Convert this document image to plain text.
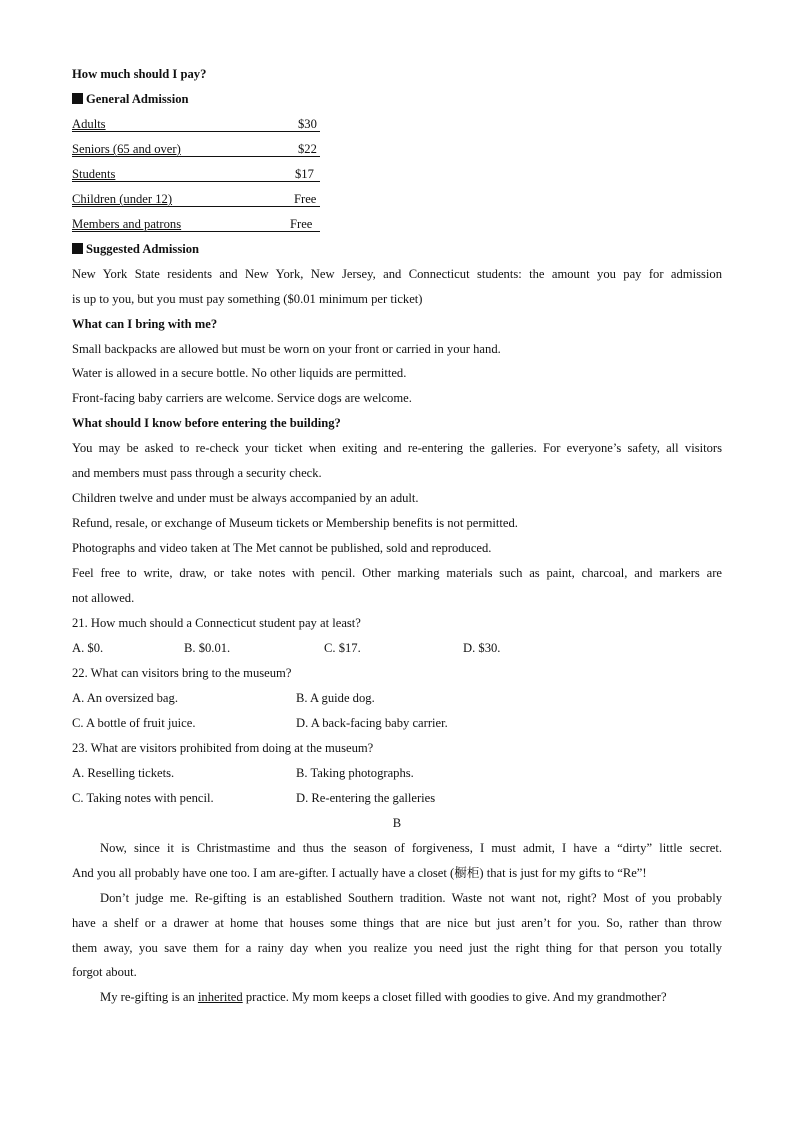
How much should I pay?
General Admission
Adults	$30
Seniors (65 and over)	$22
Students	$17
Children (under 12)	Free
Members and patrons	Free
Suggested Admission
New York State residents and New York, New Jersey, and Connecticut students: the amount you pay for admission
is up to you, but you must pay something ($0.01 minimum per ticket)
What can I bring with me?
Small backpacks are allowed but must be worn on your front or carried in your hand.
Water is allowed in a secure bottle. No other liquids are permitted.
Front-facing baby carriers are welcome. Service dogs are welcome.
What should I know before entering the building?
You may be asked to re-check your ticket when exiting and re-entering the galleries. For everyone’s safety, all visitors
and members must pass through a security check.
Children twelve and under must be always accompanied by an adult.
Refund, resale, or exchange of Museum tickets or Membership benefits is not permitted.
Photographs and video taken at The Met cannot be published, sold and reproduced.
Feel free to write, draw, or take notes with pencil. Other marking materials such as paint, charcoal, and markers are
not allowed.
21. How much should a Connecticut student pay at least?
A. $0.	B. $0.01.	C. $17.	D. $30.
22. What can visitors bring to the museum?
A. An oversized bag.	B. A guide dog.
C. A bottle of fruit juice.	D. A back-facing baby carrier.
23. What are visitors prohibited from doing at the museum?
A. Reselling tickets.	B. Taking photographs.
C. Taking notes with pencil.	D. Re-entering the galleries
B
Now, since it is Christmastime and thus the season of forgiveness, I must admit, I have a “dirty” little secret.
And you all probably have one too. I am are-gifter. I actually have a closet (橱柜) that is just for my gifts to “Re”!
Don’t judge me. Re-gifting is an established Southern tradition. Waste not want not, right? Most of you probably
have a shelf or a drawer at home that houses some things that are nice but just aren’t for you. So, rather than throw
them away, you save them for a rainy day when you realize you need just the right thing for that person you totally
forgot about.
My re-gifting is an inherited practice. My mom keeps a closet filled with goodies to give. And my grandmother?
